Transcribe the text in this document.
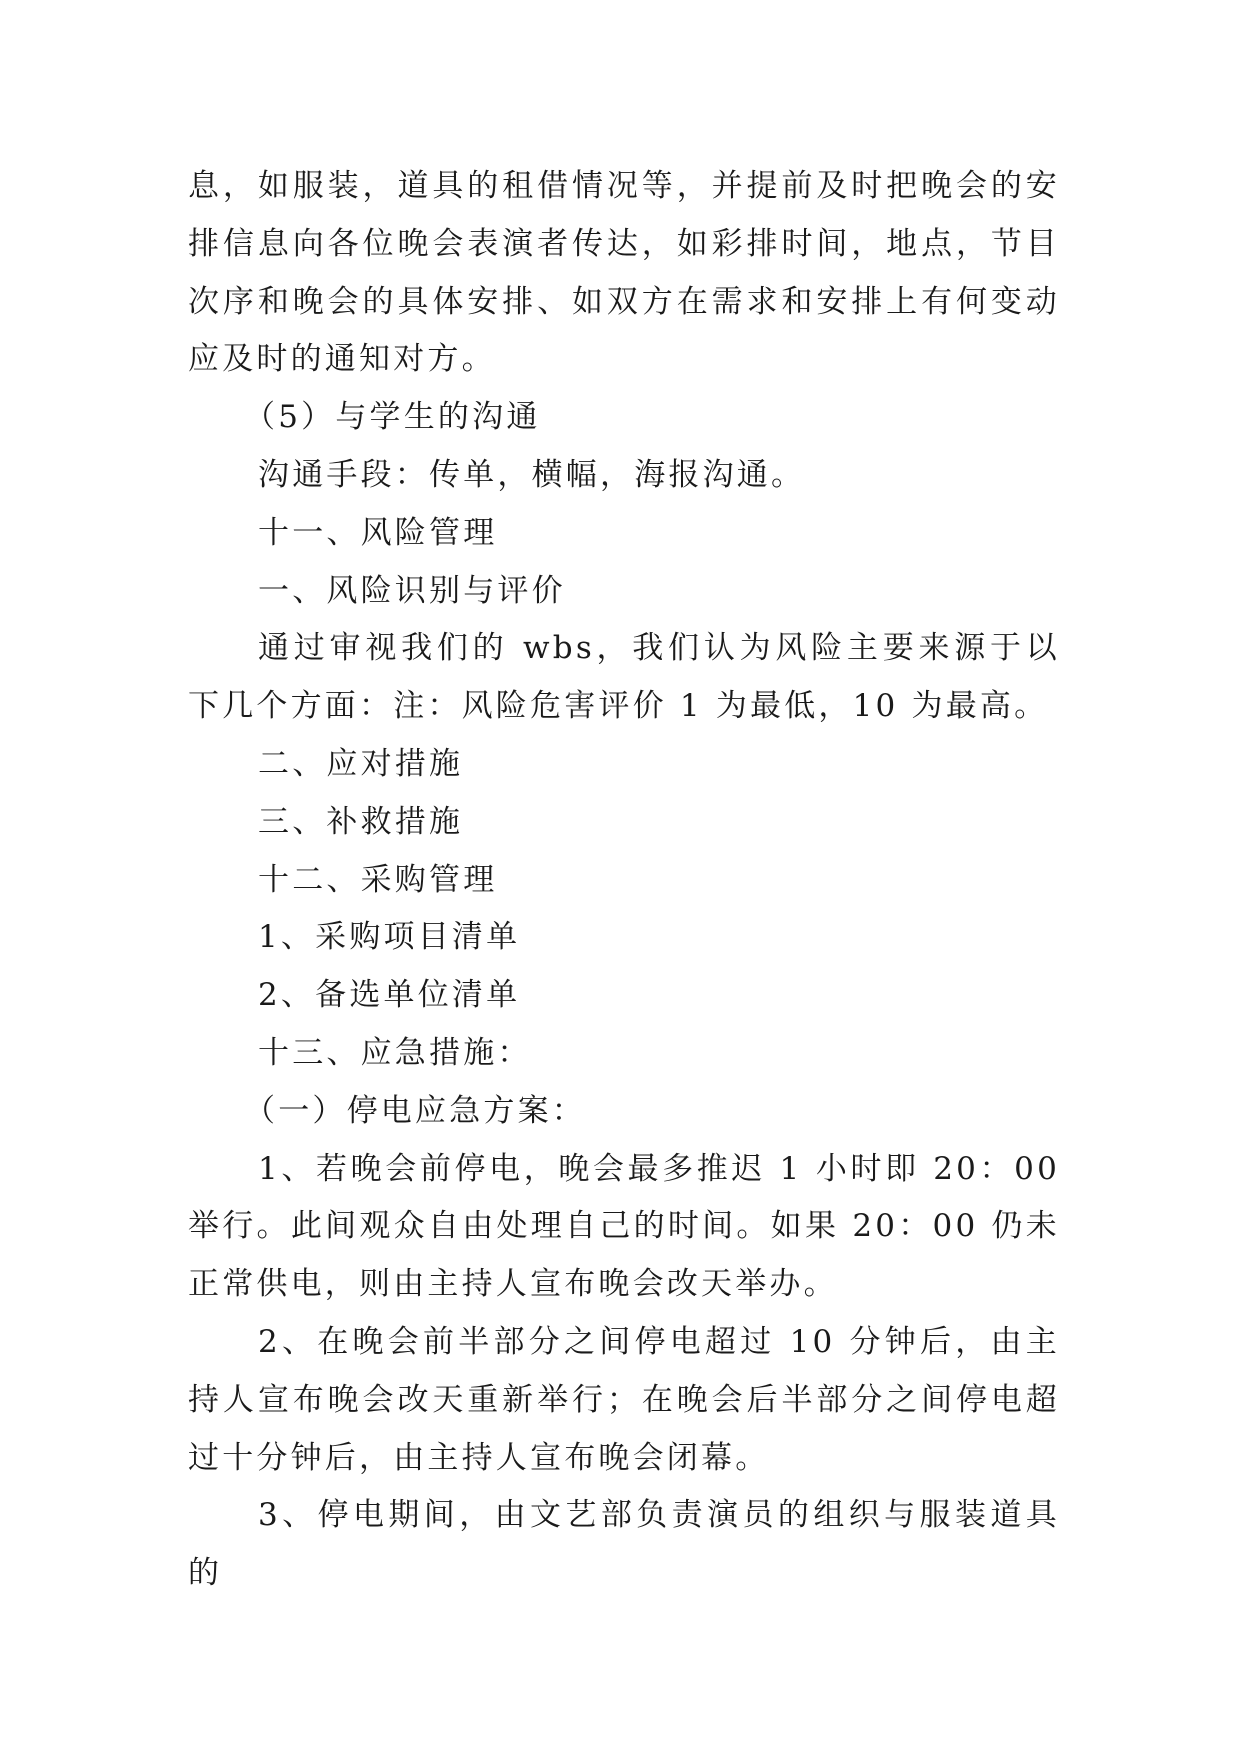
息，如服装，道具的租借情况等，并提前及时把晚会的安排信息向各位晚会表演者传达，如彩排时间，地点，节目次序和晚会的具体安排、如双方在需求和安排上有何变动应及时的通知对方。

（5）与学生的沟通

沟通手段：传单，横幅，海报沟通。

十一、风险管理

一、风险识别与评价

通过审视我们的 wbs，我们认为风险主要来源于以下几个方面：注：风险危害评价 1 为最低，10 为最高。

二、应对措施

三、补救措施

十二、采购管理

1、采购项目清单

2、备选单位清单

十三、应急措施：

（一）停电应急方案：

1、若晚会前停电，晚会最多推迟 1 小时即 20：00 举行。此间观众自由处理自己的时间。如果 20：00 仍未正常供电，则由主持人宣布晚会改天举办。

2、在晚会前半部分之间停电超过 10 分钟后，由主持人宣布晚会改天重新举行；在晚会后半部分之间停电超过十分钟后，由主持人宣布晚会闭幕。

3、停电期间，由文艺部负责演员的组织与服装道具的
